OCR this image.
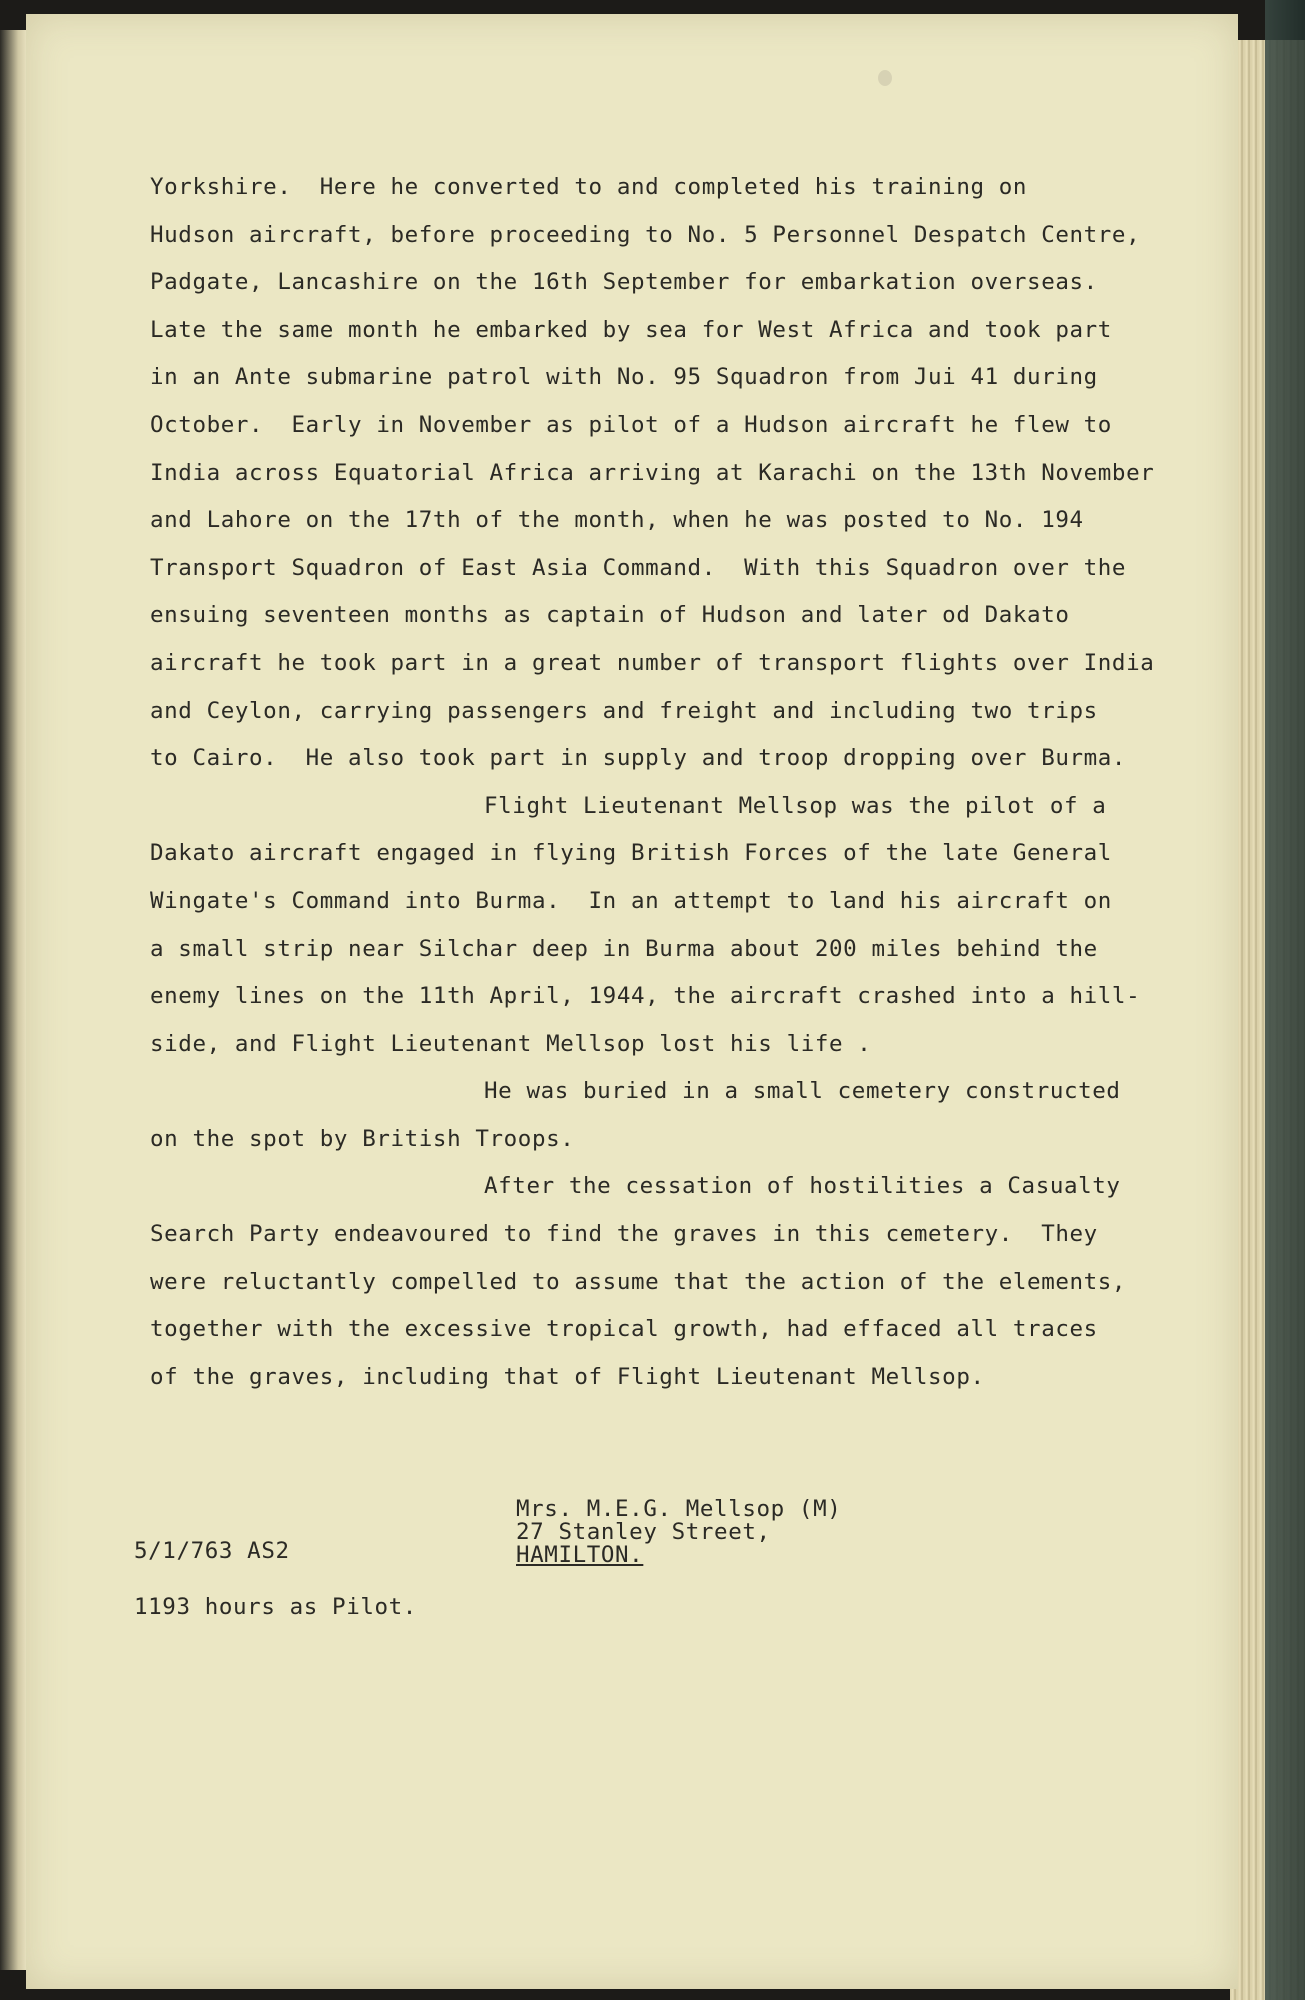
Yorkshire.  Here he converted to and completed his training on
Hudson aircraft, before proceeding to No. 5 Personnel Despatch Centre,
Padgate, Lancashire on the 16th September for embarkation overseas.
Late the same month he embarked by sea for West Africa and took part
in an Ante submarine patrol with No. 95 Squadron from Jui 41 during
October.  Early in November as pilot of a Hudson aircraft he flew to
India across Equatorial Africa arriving at Karachi on the 13th November
and Lahore on the 17th of the month, when he was posted to No. 194
Transport Squadron of East Asia Command.  With this Squadron over the
ensuing seventeen months as captain of Hudson and later od Dakato
aircraft he took part in a great number of transport flights over India
and Ceylon, carrying passengers and freight and including two trips
to Cairo.  He also took part in supply and troop dropping over Burma.
Flight Lieutenant Mellsop was the pilot of a
Dakato aircraft engaged in flying British Forces of the late General
Wingate's Command into Burma.  In an attempt to land his aircraft on
a small strip near Silchar deep in Burma about 200 miles behind the
enemy lines on the 11th April, 1944, the aircraft crashed into a hill-
side, and Flight Lieutenant Mellsop lost his life .
He was buried in a small cemetery constructed
on the spot by British Troops.
After the cessation of hostilities a Casualty
Search Party endeavoured to find the graves in this cemetery.  They
were reluctantly compelled to assume that the action of the elements,
together with the excessive tropical growth, had effaced all traces
of the graves, including that of Flight Lieutenant Mellsop.
Mrs. M.E.G. Mellsop (M)
27 Stanley Street,
HAMILTON.
5/1/763 AS2
1193 hours as Pilot.
